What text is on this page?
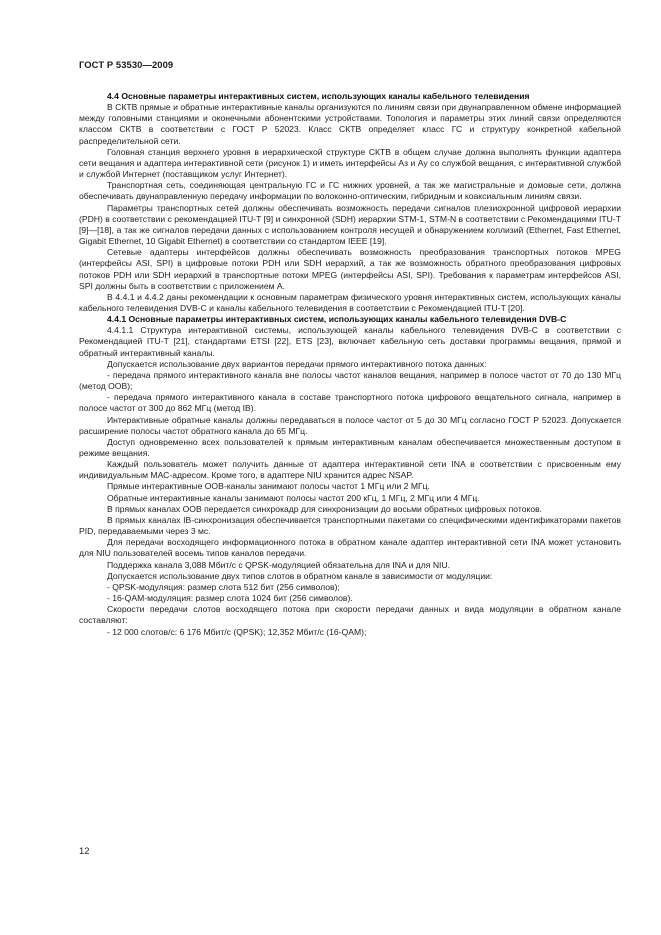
ГОСТ Р 53530—2009

4.4 Основные параметры интерактивных систем, использующих каналы кабельного телевидения

В СКТВ прямые и обратные интерактивные каналы организуются по линиям связи при двунаправленном обмене информацией между головными станциями и оконечными абонентскими устройствами. Топология и параметры этих линий связи определяются классом СКТВ в соответствии с ГОСТ Р 52023. Класс СКТВ определяет класс ГС и структуру конкретной кабельной распределительной сети.

Головная станция верхнего уровня в иерархической структуре СКТВ в общем случае должна выполнять функции адаптера сети вещания и адаптера интерактивной сети (рисунок 1) и иметь интерфейсы Aз и Ау со службой вещания, с интерактивной службой и службой Интернет (поставщиком услуг Интернет).

Транспортная сеть, соединяющая центральную ГС и ГС нижних уровней, а так же магистральные и домовые сети, должна обеспечивать двунаправленную передачу информации по волоконно-оптическим, гибридным и коаксиальным линиям связи.

Параметры транспортных сетей должны обеспечивать возможность передачи сигналов плезиохронной цифровой иерархии (PDH) в соответствии с рекомендацией ITU-T [9] и синхронной (SDH) иерархии STM-1, STM-N в соответствии с Рекомендациями ITU-T [9]—[18], а так же сигналов передачи данных с использованием контроля несущей и обнаружением коллизий (Ethernet, Fast Ethernet, Gigabit Ethernet, 10 Gigabit Ethernet) в соответствии со стандартом IEEE [19].

Сетевые адаптеры интерфейсов должны обеспечивать возможность преобразования транспортных потоков MPEG (интерфейсы ASI, SPI) в цифровые потоки PDH или SDH иерархий, а так же возможность обратного преобразования цифровых потоков PDH или SDH иерархий в транспортные потоки MPEG (интерфейсы ASI, SPI). Требования к параметрам интерфейсов ASI, SPI должны быть в соответствии с приложением А.

В 4.4.1 и 4.4.2 даны рекомендации к основным параметрам физического уровня интерактивных систем, использующих каналы кабельного телевидения DVB-C и каналы кабельного телевидения в соответствии с Рекомендацией ITU-T [20].

4.4.1 Основные параметры интерактивных систем, использующих каналы кабельного телевидения DVB-C

4.4.1.1 Структура интерактивной системы, использующей каналы кабельного телевидения DVB-C в соответствии с Рекомендацией ITU-T [21], стандартами ETSI [22], ETS [23], включает кабельную сеть доставки программы вещания, прямой и обратный интерактивный каналы.

Допускается использование двух вариантов передачи прямого интерактивного потока данных:

- передача прямого интерактивного канала вне полосы частот каналов вещания, например в полосе частот от 70 до 130 МГц (метод OOB);

- передача прямого интерактивного канала в составе транспортного потока цифрового вещательного сигнала, например в полосе частот от 300 до 862 МГц (метод IB).

Интерактивные обратные каналы должны передаваться в полосе частот от 5 до 30 МГц согласно ГОСТ Р 52023. Допускается расширение полосы частот обратного канала до 65 МГц.

Доступ одновременно всех пользователей к прямым интерактивным каналам обеспечивается множественным доступом в режиме вещания.

Каждый пользователь может получить данные от адаптера интерактивной сети INA в соответствии с присвоенным ему индивидуальным МАС-адресом. Кроме того, в адаптере NIU хранится адрес NSAP.

Прямые интерактивные OOB-каналы занимают полосы частот 1 МГц или 2 МГц.

Обратные интерактивные каналы занимают полосы частот 200 кГц, 1 МГц, 2 МГц или 4 МГц.

В прямых каналах OOB передается синхрокадр для синхронизации до восьми обратных цифровых потоков.

В прямых каналах IB-синхронизация обеспечивается транспортными пакетами со специфическими идентификаторами пакетов PID, передаваемыми через 3 мс.

Для передачи восходящего информационного потока в обратном канале адаптер интерактивной сети INA может установить для NIU пользователей восемь типов каналов передачи.

Поддержка канала 3,088 Мбит/с с QPSK-модуляцией обязательна для INA и для NIU.

Допускается использование двух типов слотов в обратном канале в зависимости от модуляции:

- QPSK-модуляция: размер слота 512 бит (256 символов);

- 16-QAM-модуляция: размер слота 1024 бит (256 символов).

Скорости передачи слотов восходящего потока при скорости передачи данных и вида модуляции в обратном канале составляют:

- 12 000 слотов/с: 6 176 Мбит/с (QPSK); 12,352 Мбит/с (16-QAM);

12
